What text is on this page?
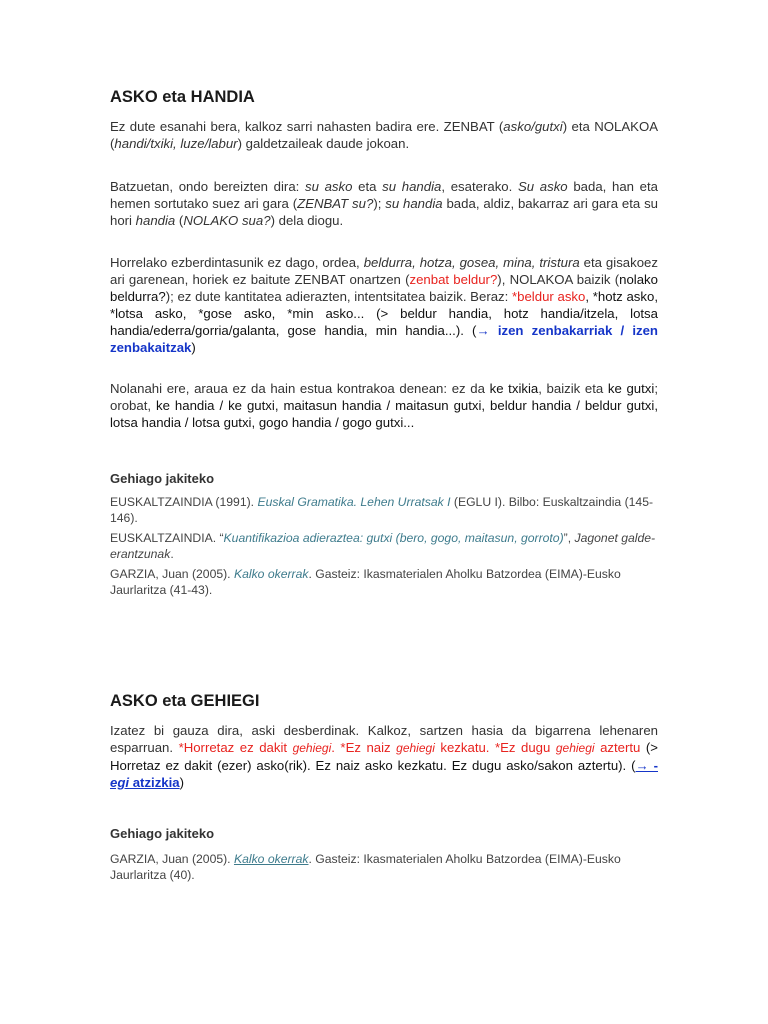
ASKO eta HANDIA

Ez dute esanahi bera, kalkoz sarri nahasten badira ere. ZENBAT (asko/gutxi) eta NOLAKOA (handi/txiki, luze/labur) galdetzaileak daude jokoan.

Batzuetan, ondo bereizten dira: su asko eta su handia, esaterako. Su asko bada, han eta hemen sortutako suez ari gara (ZENBAT su?); su handia bada, aldiz, bakarraz ari gara eta su hori handia (NOLAKO sua?) dela diogu.

Horrelako ezberdintasunik ez dago, ordea, beldurra, hotza, gosea, mina, tristura eta gisakoez ari garenean, horiek ez baitute ZENBAT onartzen (zenbat beldur?), NOLAKOA baizik (nolako beldurra?); ez dute kantitatea adierazten, intentsitatea baizik. Beraz: *beldur asko, *hotz asko, *lotsa asko, *gose asko, *min asko... (> beldur handia, hotz handia/itzela, lotsa handia/ederra/gorria/galanta, gose handia, min handia...). (→ izen zenbakarriak / izen zenbakaitzak)

Nolanahi ere, araua ez da hain estua kontrakoa denean: ez da ke txikia, baizik eta ke gutxi; orobat, ke handia / ke gutxi, maitasun handia / maitasun gutxi, beldur handia / beldur gutxi, lotsa handia / lotsa gutxi, gogo handia / gogo gutxi...

Gehiago jakiteko

EUSKALTZAINDIA (1991). Euskal Gramatika. Lehen Urratsak I (EGLU I). Bilbo: Euskaltzaindia (145-146).

EUSKALTZAINDIA. “Kuantifikazioa adieraztea: gutxi (bero, gogo, maitasun, gorroto)”, Jagonet galde-erantzunak.

GARZIA, Juan (2005). Kalko okerrak. Gasteiz: Ikasmaterialen Aholku Batzordea (EIMA)-Eusko Jaurlaritza (41-43).

ASKO eta GEHIEGI

Izatez bi gauza dira, aski desberdinak. Kalkoz, sartzen hasia da bigarrena lehenaren esparruan. *Horretaz ez dakit gehiegi. *Ez naiz gehiegi kezkatu. *Ez dugu gehiegi aztertu (> Horretaz ez dakit (ezer) asko(rik). Ez naiz asko kezkatu. Ez dugu asko/sakon aztertu). (→ -egi atzizkia)

Gehiago jakiteko

GARZIA, Juan (2005). Kalko okerrak. Gasteiz: Ikasmaterialen Aholku Batzordea (EIMA)-Eusko Jaurlaritza (40).
